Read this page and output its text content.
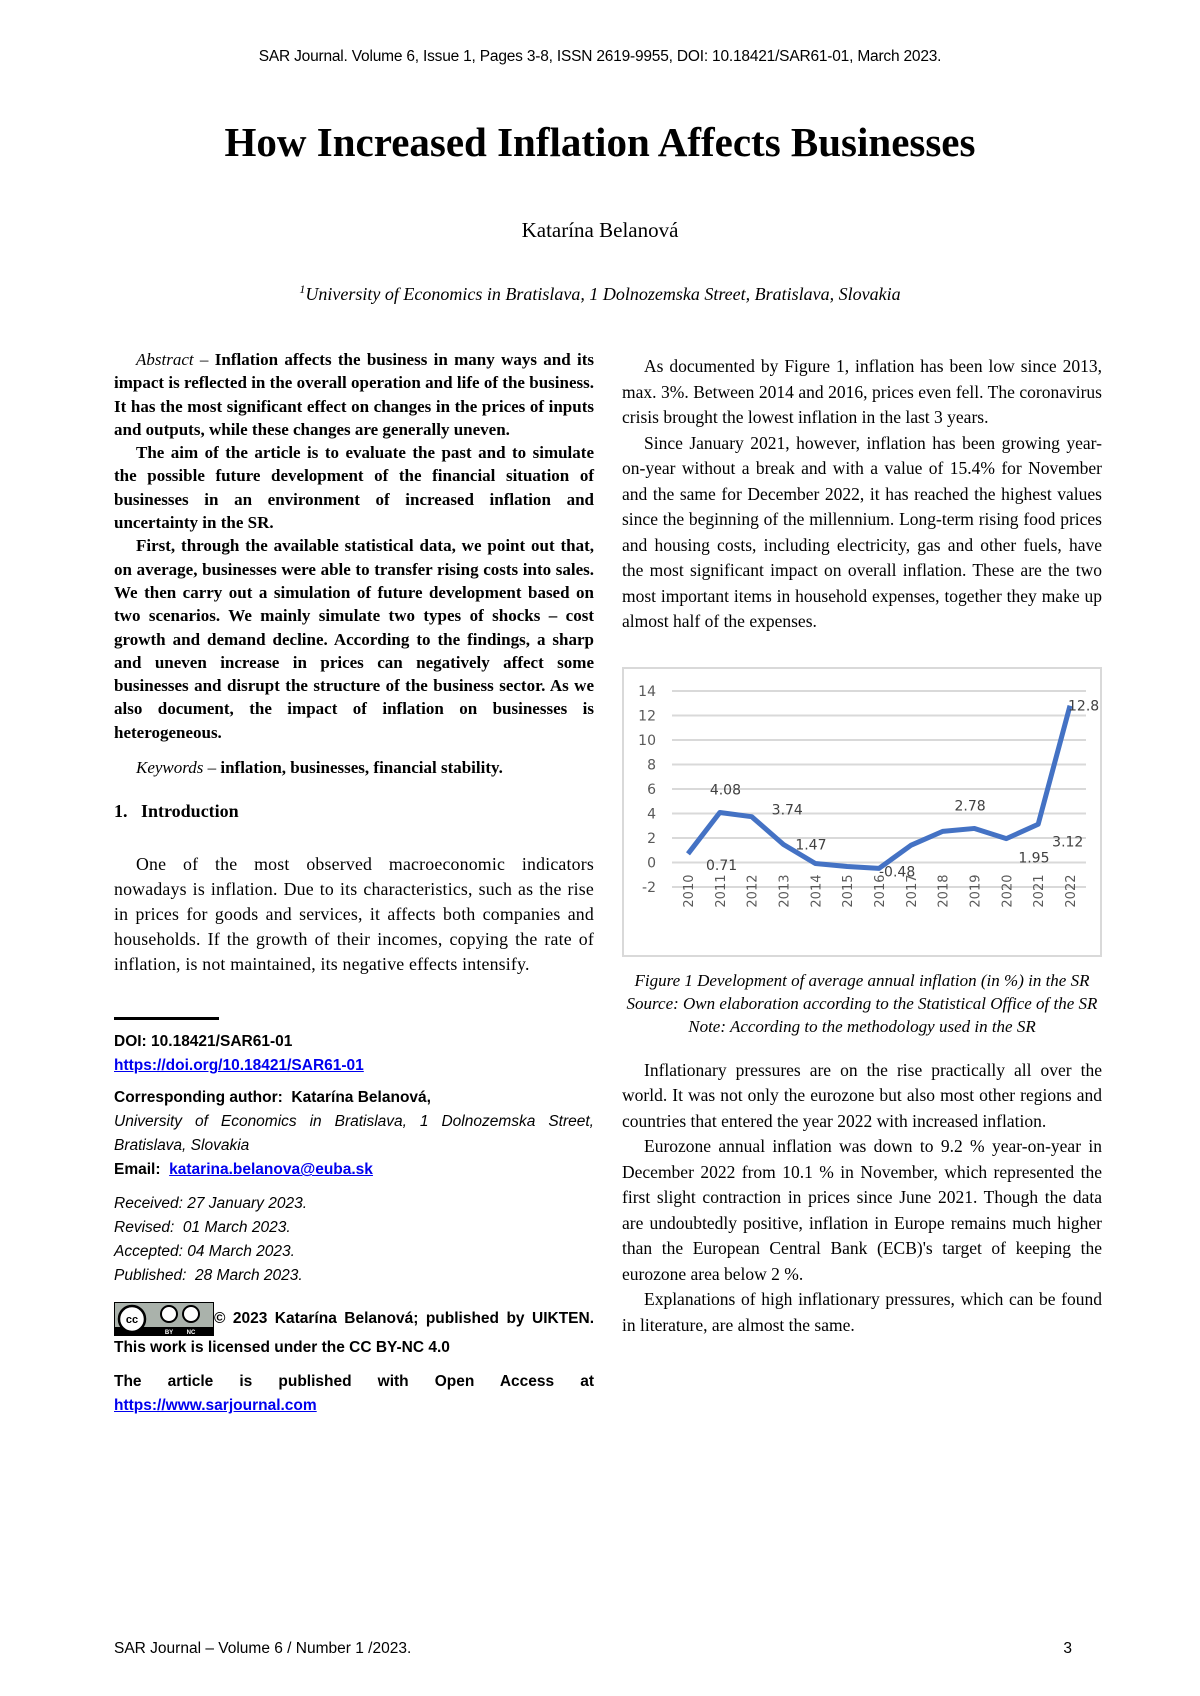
SAR Journal. Volume 6, Issue 1, Pages 3-8, ISSN 2619-9955, DOI: 10.18421/SAR61-01, March 2023.
How Increased Inflation Affects Businesses
Katarína Belanová
$^1$University of Economics in Bratislava, 1 Dolnozemska Street, Bratislava, Slovakia

Abstract – Inflation affects the business in many ways and its impact is reflected in the overall operation and life of the business. It has the most significant effect on changes in the prices of inputs and outputs, while these changes are generally uneven.

The aim of the article is to evaluate the past and to simulate the possible future development of the financial situation of businesses in an environment of increased inflation and uncertainty in the SR.

First, through the available statistical data, we point out that, on average, businesses were able to transfer rising costs into sales. We then carry out a simulation of future development based on two scenarios. We mainly simulate two types of shocks – cost growth and demand decline. According to the findings, a sharp and uneven increase in prices can negatively affect some businesses and disrupt the structure of the business sector. As we also document, the impact of inflation on businesses is heterogeneous.

Keywords – inflation, businesses, financial stability.

1.   Introduction

One of the most observed macroeconomic indicators nowadays is inflation. Due to its characteristics, such as the rise in prices for goods and services, it affects both companies and households. If the growth of their incomes, copying the rate of inflation, is not maintained, its negative effects intensify.

DOI: 10.18421/SAR61-01
https://doi.org/10.18421/SAR61-01
Corresponding author: Katarína Belanová,
University of Economics in Bratislava, 1 Dolnozemska Street, Bratislava, Slovakia
Email: katarina.belanova@euba.sk
Received: 27 January 2023.
Revised:  01 March 2023.
Accepted: 04 March 2023.
Published:  28 March 2023.
cc
BY NC
© 2023 Katarína Belanová; published by UIKTEN. This work is licensed under the CC BY-NC 4.0
The article is published with Open Access at
https://www.sarjournal.com

As documented by Figure 1, inflation has been low since 2013, max. 3%. Between 2014 and 2016, prices even fell. The coronavirus crisis brought the lowest inflation in the last 3 years.

Since January 2021, however, inflation has been growing year-on-year without a break and with a value of 15.4% for November and the same for December 2022, it has reached the highest values since the beginning of the millennium. Long-term rising food prices and housing costs, including electricity, gas and other fuels, have the most significant impact on overall inflation. These are the two most important items in household expenses, together they make up almost half of the expenses.

-2
0
2
4
6
8
10
12
14
2010 2011 2012 2013 2014 2015 2016 2017 2018 2019 2020 2021 2022
0.71
4.08
3.74
1.47
-0.48
2.78
1.95
3.12
12.8
Figure 1 Development of average annual inflation (in %) in the SR
Source: Own elaboration according to the Statistical Office of the SR
Note: According to the methodology used in the SR

Inflationary pressures are on the rise practically all over the world. It was not only the eurozone but also most other regions and countries that entered the year 2022 with increased inflation.

Eurozone annual inflation was down to 9.2 % year-on-year in December 2022 from 10.1 % in November, which represented the first slight contraction in prices since June 2021. Though the data are undoubtedly positive, inflation in Europe remains much higher than the European Central Bank (ECB)'s target of keeping the eurozone area below 2 %.

Explanations of high inflationary pressures, which can be found in literature, are almost the same.

SAR Journal – Volume 6 / Number 1 /2023.	3
